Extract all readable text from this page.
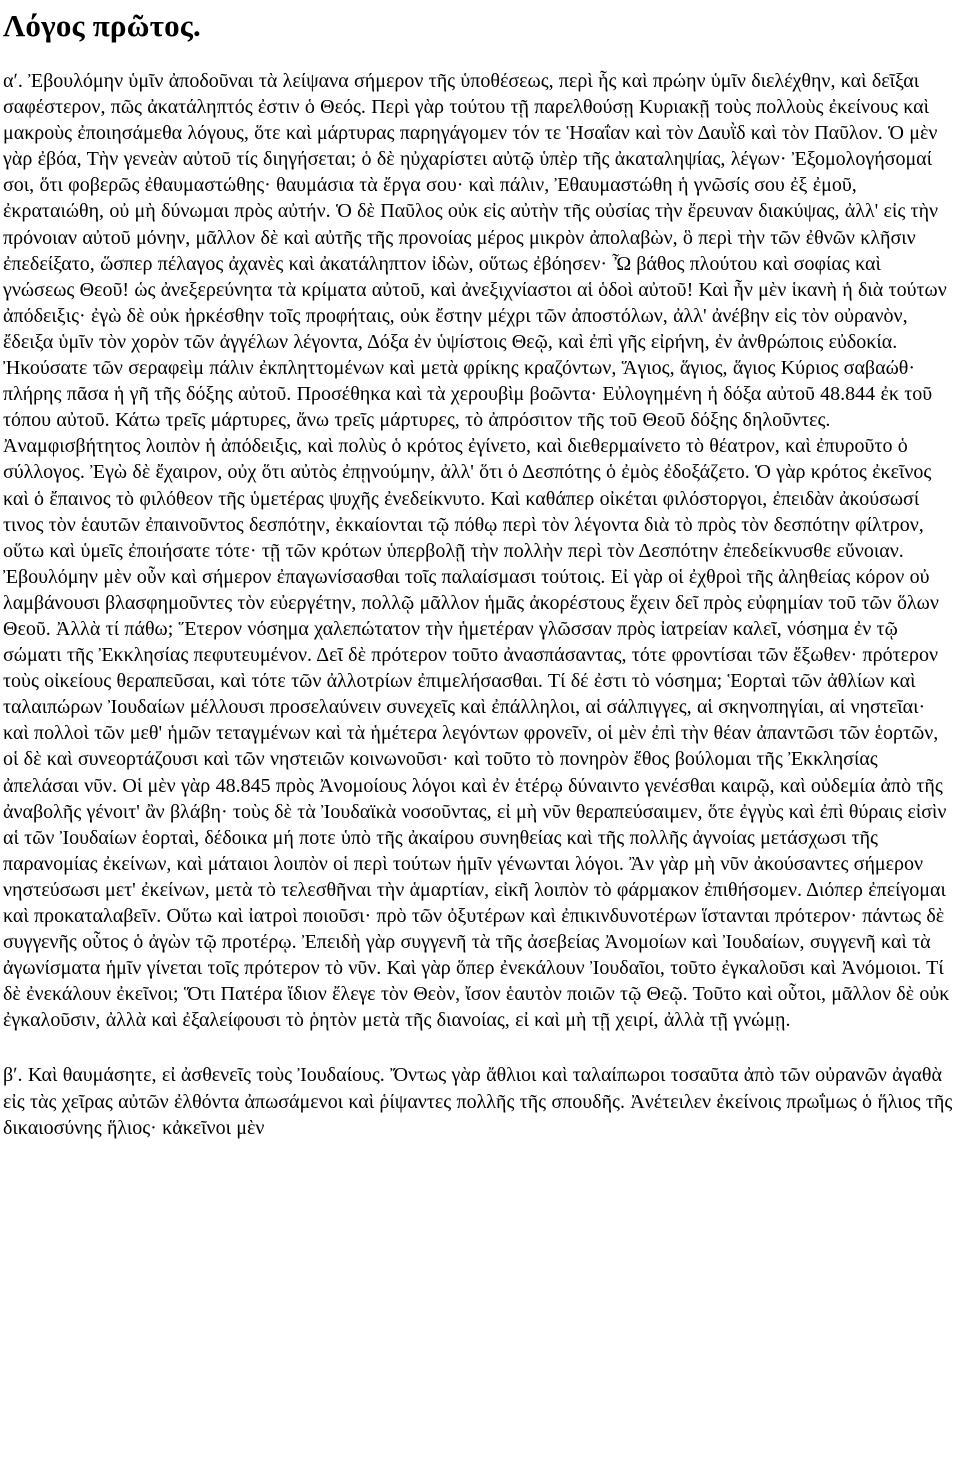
Λόγος πρῶτος.

αʹ. Ἐβουλόμην ὑμῖν ἀποδοῦναι τὰ λείψανα σήμερον τῆς ὑποθέσεως, περὶ ἧς καὶ πρώην ὑμῖν διελέχθην, καὶ δεῖξαι σαφέστερον, πῶς ἀκατάληπτός ἐστιν ὁ Θεός. Περὶ γὰρ τούτου τῇ παρελθούσῃ Κυριακῇ τοὺς πολλοὺς ἐκείνους καὶ μακροὺς ἐποιησάμεθα λόγους, ὅτε καὶ μάρτυρας παρηγάγομεν τόν τε Ἡσαΐαν καὶ τὸν Δαυῒδ καὶ τὸν Παῦλον. Ὁ μὲν γὰρ ἐβόα, Τὴν γενεὰν αὐτοῦ τίς διηγήσεται; ὁ δὲ ηὐχαρίστει αὐτῷ ὑπὲρ τῆς ἀκαταληψίας, λέγων· Ἐξομολογήσομαί σοι, ὅτι φοβερῶς ἐθαυμαστώθης· θαυμάσια τὰ ἔργα σου· καὶ πάλιν, Ἐθαυμαστώθη ἡ γνῶσίς σου ἐξ ἐμοῦ, ἐκραταιώθη, οὐ μὴ δύνωμαι πρὸς αὐτήν. Ὁ δὲ Παῦλος οὐκ εἰς αὐτὴν τῆς οὐσίας τὴν ἔρευναν διακύψας, ἀλλ' εἰς τὴν πρόνοιαν αὐτοῦ μόνην, μᾶλλον δὲ καὶ αὐτῆς τῆς προνοίας μέρος μικρὸν ἀπολαβὼν, ὃ περὶ τὴν τῶν ἐθνῶν κλῆσιν ἐπεδείξατο, ὥσπερ πέλαγος ἀχανὲς καὶ ἀκατάληπτον ἰδὼν, οὕτως ἐβόησεν· Ὦ βάθος πλούτου καὶ σοφίας καὶ γνώσεως Θεοῦ! ὡς ἀνεξερεύνητα τὰ κρίματα αὐτοῦ, καὶ ἀνεξιχνίαστοι αἱ ὁδοὶ αὐτοῦ! Καὶ ἦν μὲν ἱκανὴ ἡ διὰ τούτων ἀπόδειξις· ἐγὼ δὲ οὐκ ἠρκέσθην τοῖς προφήταις, οὐκ ἔστην μέχρι τῶν ἀποστόλων, ἀλλ' ἀνέβην εἰς τὸν οὐρανὸν, ἔδειξα ὑμῖν τὸν χορὸν τῶν ἀγγέλων λέγοντα, Δόξα ἐν ὑψίστοις Θεῷ, καὶ ἐπὶ γῆς εἰρήνη, ἐν ἀνθρώποις εὐδοκία. Ἠκούσατε τῶν σεραφεὶμ πάλιν ἐκπληττομένων καὶ μετὰ φρίκης κραζόντων, Ἅγιος, ἅγιος, ἅγιος Κύριος σαβαώθ· πλήρης πᾶσα ἡ γῆ τῆς δόξης αὐτοῦ. Προσέθηκα καὶ τὰ χερουβὶμ βοῶντα· Εὐλογημένη ἡ δόξα αὐτοῦ 48.844 ἐκ τοῦ τόπου αὐτοῦ. Κάτω τρεῖς μάρτυρες, ἄνω τρεῖς μάρτυρες, τὸ ἀπρόσιτον τῆς τοῦ Θεοῦ δόξης δηλοῦντες. Ἀναμφισβήτητος λοιπὸν ἡ ἀπόδειξις, καὶ πολὺς ὁ κρότος ἐγίνετο, καὶ διεθερμαίνετο τὸ θέατρον, καὶ ἐπυροῦτο ὁ σύλλογος. Ἐγὼ δὲ ἔχαιρον, οὐχ ὅτι αὐτὸς ἐπῃνούμην, ἀλλ' ὅτι ὁ Δεσπότης ὁ ἐμὸς ἐδοξάζετο. Ὁ γὰρ κρότος ἐκεῖνος καὶ ὁ ἔπαινος τὸ φιλόθεον τῆς ὑμετέρας ψυχῆς ἐνεδείκνυτο. Καὶ καθάπερ οἰκέται φιλόστοργοι, ἐπειδὰν ἀκούσωσί τινος τὸν ἑαυτῶν ἐπαινοῦντος δεσπότην, ἐκκαίονται τῷ πόθῳ περὶ τὸν λέγοντα διὰ τὸ πρὸς τὸν δεσπότην φίλτρον, οὕτω καὶ ὑμεῖς ἐποιήσατε τότε· τῇ τῶν κρότων ὑπερβολῇ τὴν πολλὴν περὶ τὸν Δεσπότην ἐπεδείκνυσθε εὔνοιαν. Ἐβουλόμην μὲν οὖν καὶ σήμερον ἐπαγωνίσασθαι τοῖς παλαίσμασι τούτοις. Εἰ γὰρ οἱ ἐχθροὶ τῆς ἀληθείας κόρον οὐ λαμβάνουσι βλασφημοῦντες τὸν εὐεργέτην, πολλῷ μᾶλλον ἡμᾶς ἀκορέστους ἔχειν δεῖ πρὸς εὐφημίαν τοῦ τῶν ὅλων Θεοῦ. Ἀλλὰ τί πάθω; Ἕτερον νόσημα χαλεπώτατον τὴν ἡμετέραν γλῶσσαν πρὸς ἰατρείαν καλεῖ, νόσημα ἐν τῷ σώματι τῆς Ἐκκλησίας πεφυτευμένον. Δεῖ δὲ πρότερον τοῦτο ἀνασπάσαντας, τότε φροντίσαι τῶν ἔξωθεν· πρότερον τοὺς οἰκείους θεραπεῦσαι, καὶ τότε τῶν ἀλλοτρίων ἐπιμελήσασθαι. Τί δέ ἐστι τὸ νόσημα; Ἑορταὶ τῶν ἀθλίων καὶ ταλαιπώρων Ἰουδαίων μέλλουσι προσελαύνειν συνεχεῖς καὶ ἐπάλληλοι, αἱ σάλπιγγες, αἱ σκηνοπηγίαι, αἱ νηστεῖαι· καὶ πολλοὶ τῶν μεθ' ἡμῶν τεταγμένων καὶ τὰ ἡμέτερα λεγόντων φρονεῖν, οἱ μὲν ἐπὶ τὴν θέαν ἀπαντῶσι τῶν ἑορτῶν, οἱ δὲ καὶ συνεορτάζουσι καὶ τῶν νηστειῶν κοινωνοῦσι· καὶ τοῦτο τὸ πονηρὸν ἔθος βούλομαι τῆς Ἐκκλησίας ἀπελάσαι νῦν. Οἱ μὲν γὰρ 48.845 πρὸς Ἀνομοίους λόγοι καὶ ἐν ἑτέρῳ δύναιντο γενέσθαι καιρῷ, καὶ οὐδεμία ἀπὸ τῆς ἀναβολῆς γένοιτ' ἂν βλάβη· τοὺς δὲ τὰ Ἰουδαϊκὰ νοσοῦντας, εἰ μὴ νῦν θεραπεύσαιμεν, ὅτε ἐγγὺς καὶ ἐπὶ θύραις εἰσὶν αἱ τῶν Ἰουδαίων ἑορταὶ, δέδοικα μή ποτε ὑπὸ τῆς ἀκαίρου συνηθείας καὶ τῆς πολλῆς ἀγνοίας μετάσχωσι τῆς παρανομίας ἐκείνων, καὶ μάταιοι λοιπὸν οἱ περὶ τούτων ἡμῖν γένωνται λόγοι. Ἂν γὰρ μὴ νῦν ἀκούσαντες σήμερον νηστεύσωσι μετ' ἐκείνων, μετὰ τὸ τελεσθῆναι τὴν ἁμαρτίαν, εἰκῆ λοιπὸν τὸ φάρμακον ἐπιθήσομεν. Διόπερ ἐπείγομαι καὶ προκαταλαβεῖν. Οὕτω καὶ ἰατροὶ ποιοῦσι· πρὸ τῶν ὀξυτέρων καὶ ἐπικινδυνοτέρων ἵστανται πρότερον· πάντως δὲ συγγενῆς οὗτος ὁ ἀγὼν τῷ προτέρῳ. Ἐπειδὴ γὰρ συγγενῆ τὰ τῆς ἀσεβείας Ἀνομοίων καὶ Ἰουδαίων, συγγενῆ καὶ τὰ ἀγωνίσματα ἡμῖν γίνεται τοῖς πρότερον τὸ νῦν. Καὶ γὰρ ὅπερ ἐνεκάλουν Ἰουδαῖοι, τοῦτο ἐγκαλοῦσι καὶ Ἀνόμοιοι. Τί δὲ ἐνεκάλουν ἐκεῖνοι; Ὅτι Πατέρα ἴδιον ἔλεγε τὸν Θεὸν, ἴσον ἑαυτὸν ποιῶν τῷ Θεῷ. Τοῦτο καὶ οὗτοι, μᾶλλον δὲ οὐκ ἐγκαλοῦσιν, ἀλλὰ καὶ ἐξαλείφουσι τὸ ῥητὸν μετὰ τῆς διανοίας, εἰ καὶ μὴ τῇ χειρί, ἀλλὰ τῇ γνώμῃ.

βʹ. Καὶ θαυμάσητε, εἰ ἀσθενεῖς τοὺς Ἰουδαίους. Ὄντως γὰρ ἄθλιοι καὶ ταλαίπωροι τοσαῦτα ἀπὸ τῶν οὐρανῶν ἀγαθὰ εἰς τὰς χεῖρας αὐτῶν ἐλθόντα ἀπωσάμενοι καὶ ῥίψαντες πολλῆς τῆς σπουδῆς. Ἀνέτειλεν ἐκείνοις πρωΐμως ὁ ἥλιος τῆς δικαιοσύνης ἥλιος· κἀκεῖνοι μὲν
